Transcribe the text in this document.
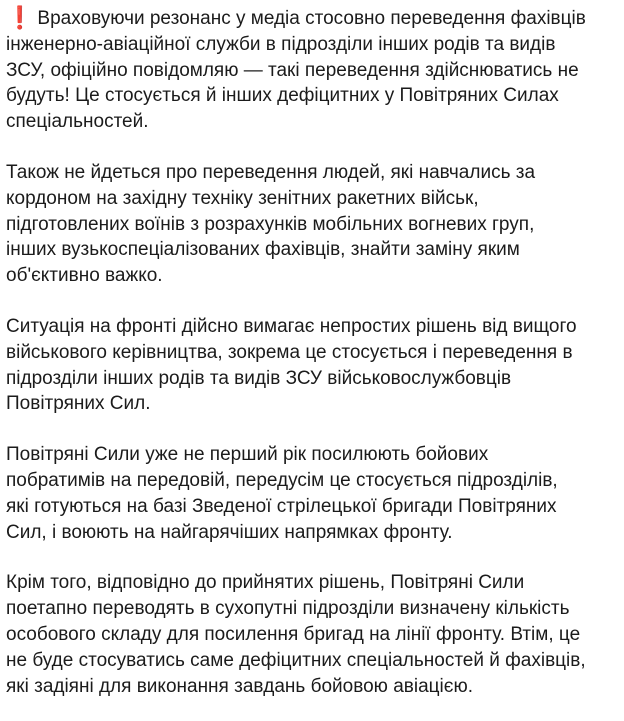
❗ Враховуючи резонанс у медіа стосовно переведення фахівців
інженерно-авіаційної служби в підрозділи інших родів та видів
ЗСУ, офіційно повідомляю — такі переведення здійснюватись не
будуть! Це стосується й інших дефіцитних у Повітряних Силах
спеціальностей.

Також не йдеться про переведення людей, які навчались за
кордоном на західну техніку зенітних ракетних військ,
підготовлених воїнів з розрахунків мобільних вогневих груп,
інших вузькоспеціалізованих фахівців, знайти заміну яким
об'єктивно важко.

Ситуація на фронті дійсно вимагає непростих рішень від вищого
військового керівництва, зокрема це стосується і переведення в
підрозділи інших родів та видів ЗСУ військовослужбовців
Повітряних Сил.

Повітряні Сили уже не перший рік посилюють бойових
побратимів на передовій, передусім це стосується підрозділів,
які готуються на базі Зведеної стрілецької бригади Повітряних
Сил, і воюють на найгарячіших напрямках фронту.

Крім того, відповідно до прийнятих рішень, Повітряні Сили
поетапно переводять в сухопутні підрозділи визначену кількість
особового складу для посилення бригад на лінії фронту. Втім, це
не буде стосуватись саме дефіцитних спеціальностей й фахівців,
які задіяні для виконання завдань бойовою авіацією.
